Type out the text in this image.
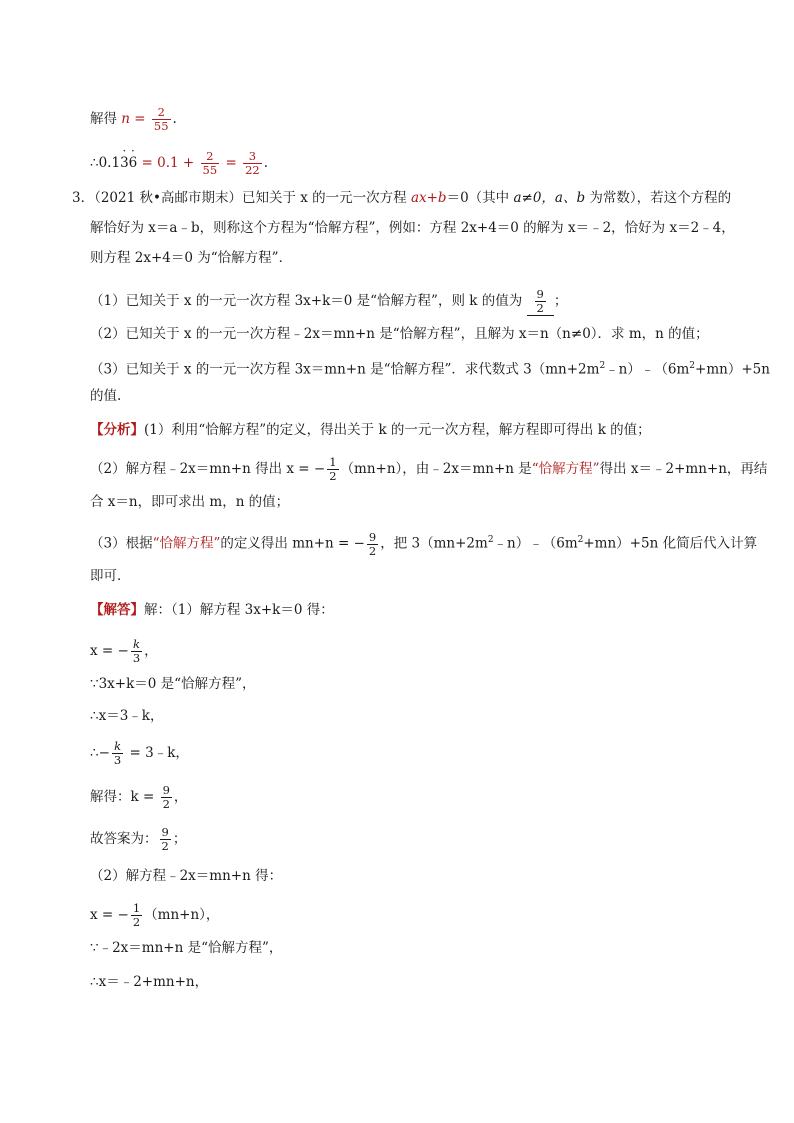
解得 $n = \frac{2}{55}$ .
∴0.1· $3\cdot 6 = 0.1 + \frac{2}{55} = \frac{3}{22}$ .
3．（2021 秋•高邮市期末）已知关于 x 的一元一次方程 ax+b＝0（其中 a≠0，a、b 为常数），若这个方程的
解恰好为 x＝a﹣b，则称这个方程为“恰解方程”，例如：方程 2x+4＝0 的解为 x＝﹣2，恰好为 x＝2﹣4，
则方程 2x+4＝0 为“恰解方程”．
（1）已知关于 x 的一元一次方程 3x+k＝0 是“恰解方程”，则 k 的值为 $\frac{9}{2}$ ；
（2）已知关于 x 的一元一次方程﹣2x＝mn+n 是“恰解方程”，且解为 x＝n（n≠0）．求 m，n 的值；
（3）已知关于 x 的一元一次方程 3x＝mn+n 是“恰解方程”．求代数式 $3(mn+2m^2﹣n)﹣(6m^2+mn)+5n$
的值.
【分析】(1）利用“恰解方程”的定义，得出关于 k 的一元一次方程，解方程即可得出 k 的值；
（2）解方程﹣2x＝mn+n 得出 x = − $\frac{1}{2} (mn+n)$，由﹣2x＝mn+n 是“恰解方程”得出 x＝﹣2+mn+n，再结
合 x＝n，即可求出 m，n 的值；
（3）根据“恰解方程”的定义得出 mn+n = − $\frac{9}{2}$ ，把 $3(mn+2m^2﹣n)﹣(6m^2+mn)+5n$ 化简后代入计算
即可．
【解答】解：（1）解方程 3x+k＝0 得：
x = − $\frac{k}{3}$ ，
∵3x+k＝0 是“恰解方程”，
∴x＝3﹣k，
∴− $\frac{k}{3}$ = 3﹣k，
解得：$k = \frac{9}{2}$ ，
故答案为： $\frac{9}{2}$ ；
（2）解方程﹣2x＝mn+n 得：
x = − $\frac{1}{2} (mn+n)$，
∵﹣2x＝mn+n 是“恰解方程”，
∴x＝﹣2+mn+n，
